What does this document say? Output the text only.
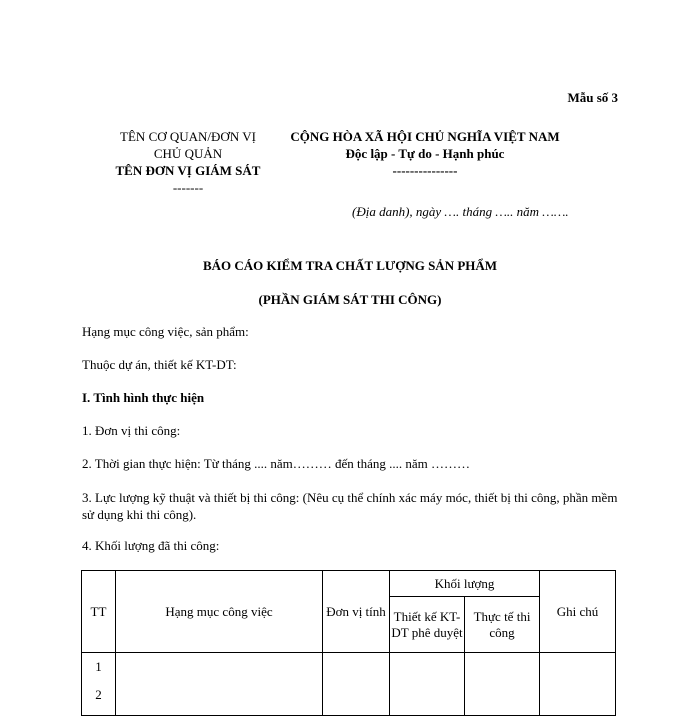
Mẫu số 3
TÊN CƠ QUAN/ĐƠN VỊ
CHỦ QUẢN
TÊN ĐƠN VỊ GIÁM SÁT
-------
CỘNG HÒA XÃ HỘI CHỦ NGHĨA VIỆT NAM
Độc lập - Tự do - Hạnh phúc
---------------
(Địa danh), ngày …. tháng ….. năm …….
BÁO CÁO KIỂM TRA CHẤT LƯỢNG SẢN PHẨM
(PHẦN GIÁM SÁT THI CÔNG)
Hạng mục công việc, sản phẩm:
Thuộc dự án, thiết kế KT-DT:
I. Tình hình thực hiện
1. Đơn vị thi công:
2. Thời gian thực hiện: Từ tháng .... năm……… đến tháng .... năm ………
3. Lực lượng kỹ thuật và thiết bị thi công: (Nêu cụ thể chính xác máy móc, thiết bị thi công, phần mềm sử dụng khi thi công).
4. Khối lượng đã thi công:
TT	Hạng mục công việc	Đơn vị tính	Khối lượng		Ghi chú
			Thiết kế KT-DT phê duyệt	Thực tế thi công	

1
2					
